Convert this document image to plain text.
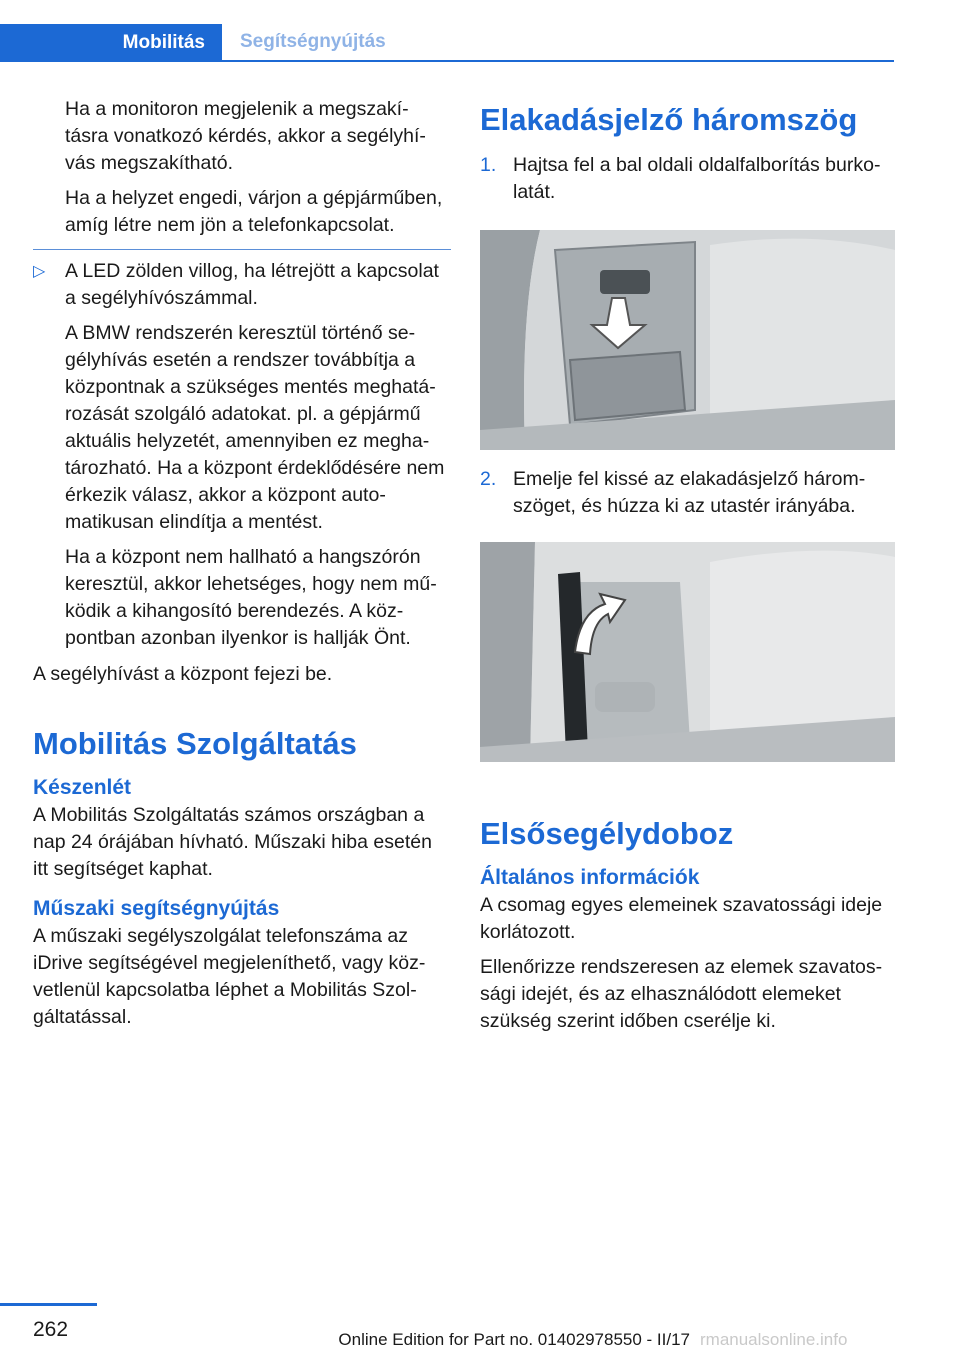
Mobilitás	Segítségnyújtás

Ha a monitoron megjelenik a megszakí‐tásra vonatkozó kérdés, akkor a segélyhí‐vás megszakítható.

Ha a helyzet engedi, várjon a gépjárműben, amíg létre nem jön a telefonkapcsolat.

▷	A LED zölden villog, ha létrejött a kapcsolat a segélyhívószámmal.

A BMW rendszerén keresztül történő se‐gélyhívás esetén a rendszer továbbítja a központnak a szükséges mentés meghatá‐rozását szolgáló adatokat. pl. a gépjármű aktuális helyzetét, amennyiben ez megha‐tározható. Ha a központ érdeklődésére nem érkezik válasz, akkor a központ auto‐matikusan elindítja a mentést.

Ha a központ nem hallható a hangszórón keresztül, akkor lehetséges, hogy nem mű‐ködik a kihangosító berendezés. A köz‐pontban azonban ilyenkor is hallják Önt.

A segélyhívást a központ fejezi be.

Mobilitás Szolgáltatás
Készenlét

A Mobilitás Szolgáltatás számos országban a nap 24 órájában hívható. Műszaki hiba esetén itt segítséget kaphat.

Műszaki segítségnyújtás

A műszaki segélyszolgálat telefonszáma az iDrive segítségével megjeleníthető, vagy köz‐vetlenül kapcsolatba léphet a Mobilitás Szol‐gáltatással.

Elakadásjelző háromszög
1. Hajtsa fel a bal oldali oldalfalborítás burko‐latát.

2. Emelje fel kissé az elakadásjelző három‐szöget, és húzza ki az utastér irányába.

Elsősegélydoboz
Általános információk

A csomag egyes elemeinek szavatossági ideje korlátozott.

Ellenőrizze rendszeresen az elemek szavatos‐sági idejét, és az elhasználódott elemeket szükség szerint időben cserélje ki.

262	Online Edition for Part no. 01402978550 - II/17 rmanualsonline.info
